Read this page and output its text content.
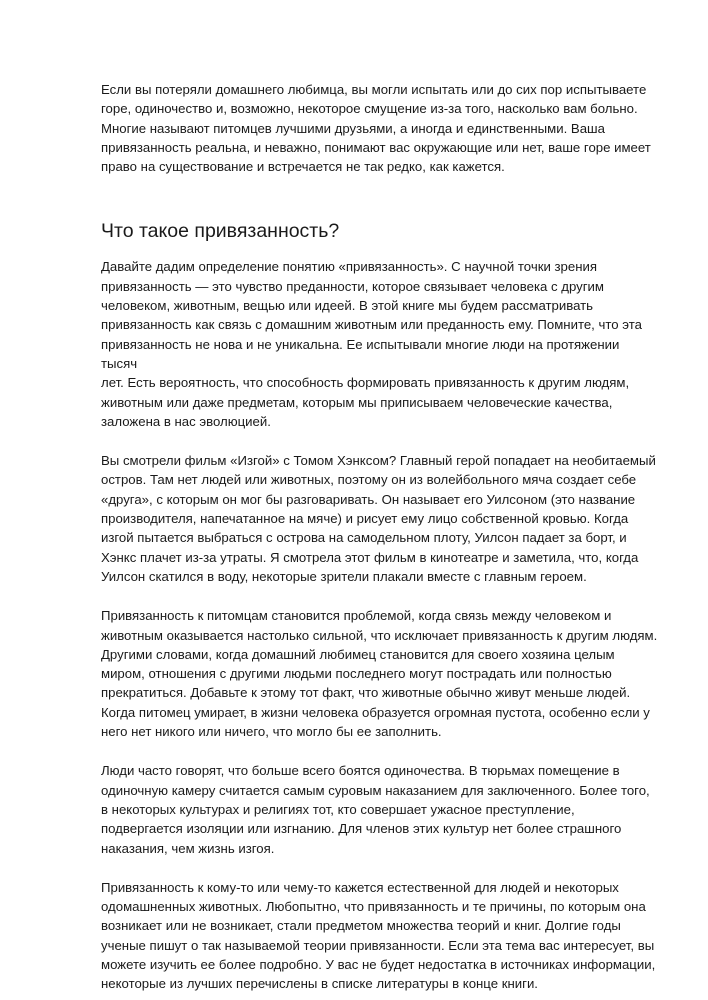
Если вы потеряли домашнего любимца, вы могли испытать или до сих пор испытываете
горе, одиночество и, возможно, некоторое смущение из-за того, насколько вам больно.
Многие называют питомцев лучшими друзьями, а иногда и единственными. Ваша
привязанность реальна, и неважно, понимают вас окружающие или нет, ваше горе имеет
право на существование и встречается не так редко, как кажется.

Что такое привязанность?

Давайте дадим определение понятию «привязанность». С научной точки зрения
привязанность — это чувство преданности, которое связывает человека с другим
человеком, животным, вещью или идеей. В этой книге мы будем рассматривать
привязанность как связь с домашним животным или преданность ему. Помните, что эта
привязанность не нова и не уникальна. Ее испытывали многие люди на протяжении тысяч
лет. Есть вероятность, что способность формировать привязанность к другим людям,
животным или даже предметам, которым мы приписываем человеческие качества,
заложена в нас эволюцией.

Вы смотрели фильм «Изгой» с Томом Хэнксом? Главный герой попадает на необитаемый
остров. Там нет людей или животных, поэтому он из волейбольного мяча создает себе
«друга», с которым он мог бы разговаривать. Он называет его Уилсоном (это название
производителя, напечатанное на мяче) и рисует ему лицо собственной кровью. Когда
изгой пытается выбраться с острова на самодельном плоту, Уилсон падает за борт, и
Хэнкс плачет из-за утраты. Я смотрела этот фильм в кинотеатре и заметила, что, когда
Уилсон скатился в воду, некоторые зрители плакали вместе с главным героем.

Привязанность к питомцам становится проблемой, когда связь между человеком и
животным оказывается настолько сильной, что исключает привязанность к другим людям.
Другими словами, когда домашний любимец становится для своего хозяина целым
миром, отношения с другими людьми последнего могут пострадать или полностью
прекратиться. Добавьте к этому тот факт, что животные обычно живут меньше людей.
Когда питомец умирает, в жизни человека образуется огромная пустота, особенно если у
него нет никого или ничего, что могло бы ее заполнить.

Люди часто говорят, что больше всего боятся одиночества. В тюрьмах помещение в
одиночную камеру считается самым суровым наказанием для заключенного. Более того,
в некоторых культурах и религиях тот, кто совершает ужасное преступление,
подвергается изоляции или изгнанию. Для членов этих культур нет более страшного
наказания, чем жизнь изгоя.

Привязанность к кому-то или чему-то кажется естественной для людей и некоторых
одомашненных животных. Любопытно, что привязанность и те причины, по которым она
возникает или не возникает, стали предметом множества теорий и книг. Долгие годы
ученые пишут о так называемой теории привязанности. Если эта тема вас интересует, вы
можете изучить ее более подробно. У вас не будет недостатка в источниках информации,
некоторые из лучших перечислены в списке литературы в конце книги.
